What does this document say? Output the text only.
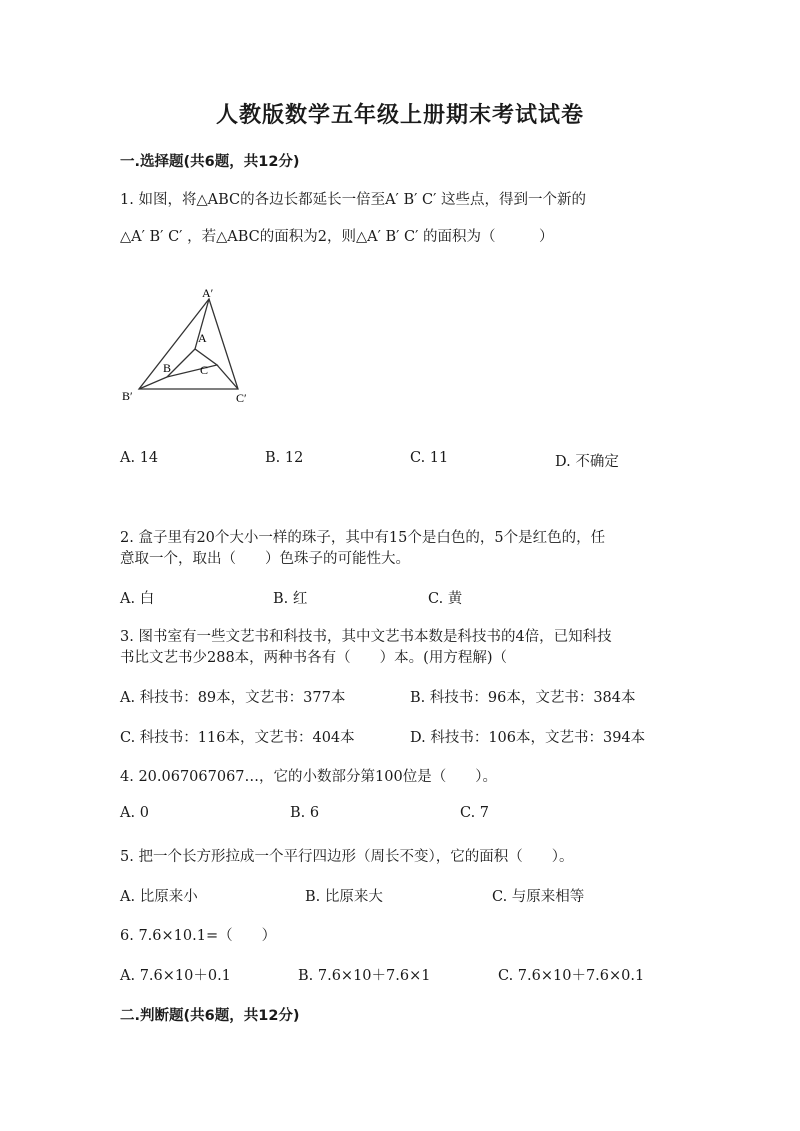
人教版数学五年级上册期末考试试卷
一.选择题(共6题，共12分)
1. 如图，将△ABC的各边长都延长一倍至A′ B′ C′ 这些点，得到一个新的
△A′ B′ C′ ，若△ABC的面积为2，则△A′ B′ C′ 的面积为（　　　）
A′
A
B C
B′	C′
A. 14	B. 12	C. 11	D. 不确定
2. 盒子里有20个大小一样的珠子，其中有15个是白色的，5个是红色的，任
意取一个，取出（　　）色珠子的可能性大。
A. 白	B. 红	C. 黄
3. 图书室有一些文艺书和科技书，其中文艺书本数是科技书的4倍，已知科技
书比文艺书少288本，两种书各有（　　）本。(用方程解)（
A. 科技书：89本，文艺书：377本	B. 科技书：96本，文艺书：384本
C. 科技书：116本，文艺书：404本	D. 科技书：106本，文艺书：394本
4. 20.067067067…，它的小数部分第100位是（　　）。
A. 0	B. 6	C. 7
5. 把一个长方形拉成一个平行四边形（周长不变），它的面积（　　）。
A. 比原来小	B. 比原来大	C. 与原来相等
6. 7.6×10.1=（　　）
A. 7.6×10＋0.1	B. 7.6×10＋7.6×1	C. 7.6×10＋7.6×0.1
二.判断题(共6题，共12分)
